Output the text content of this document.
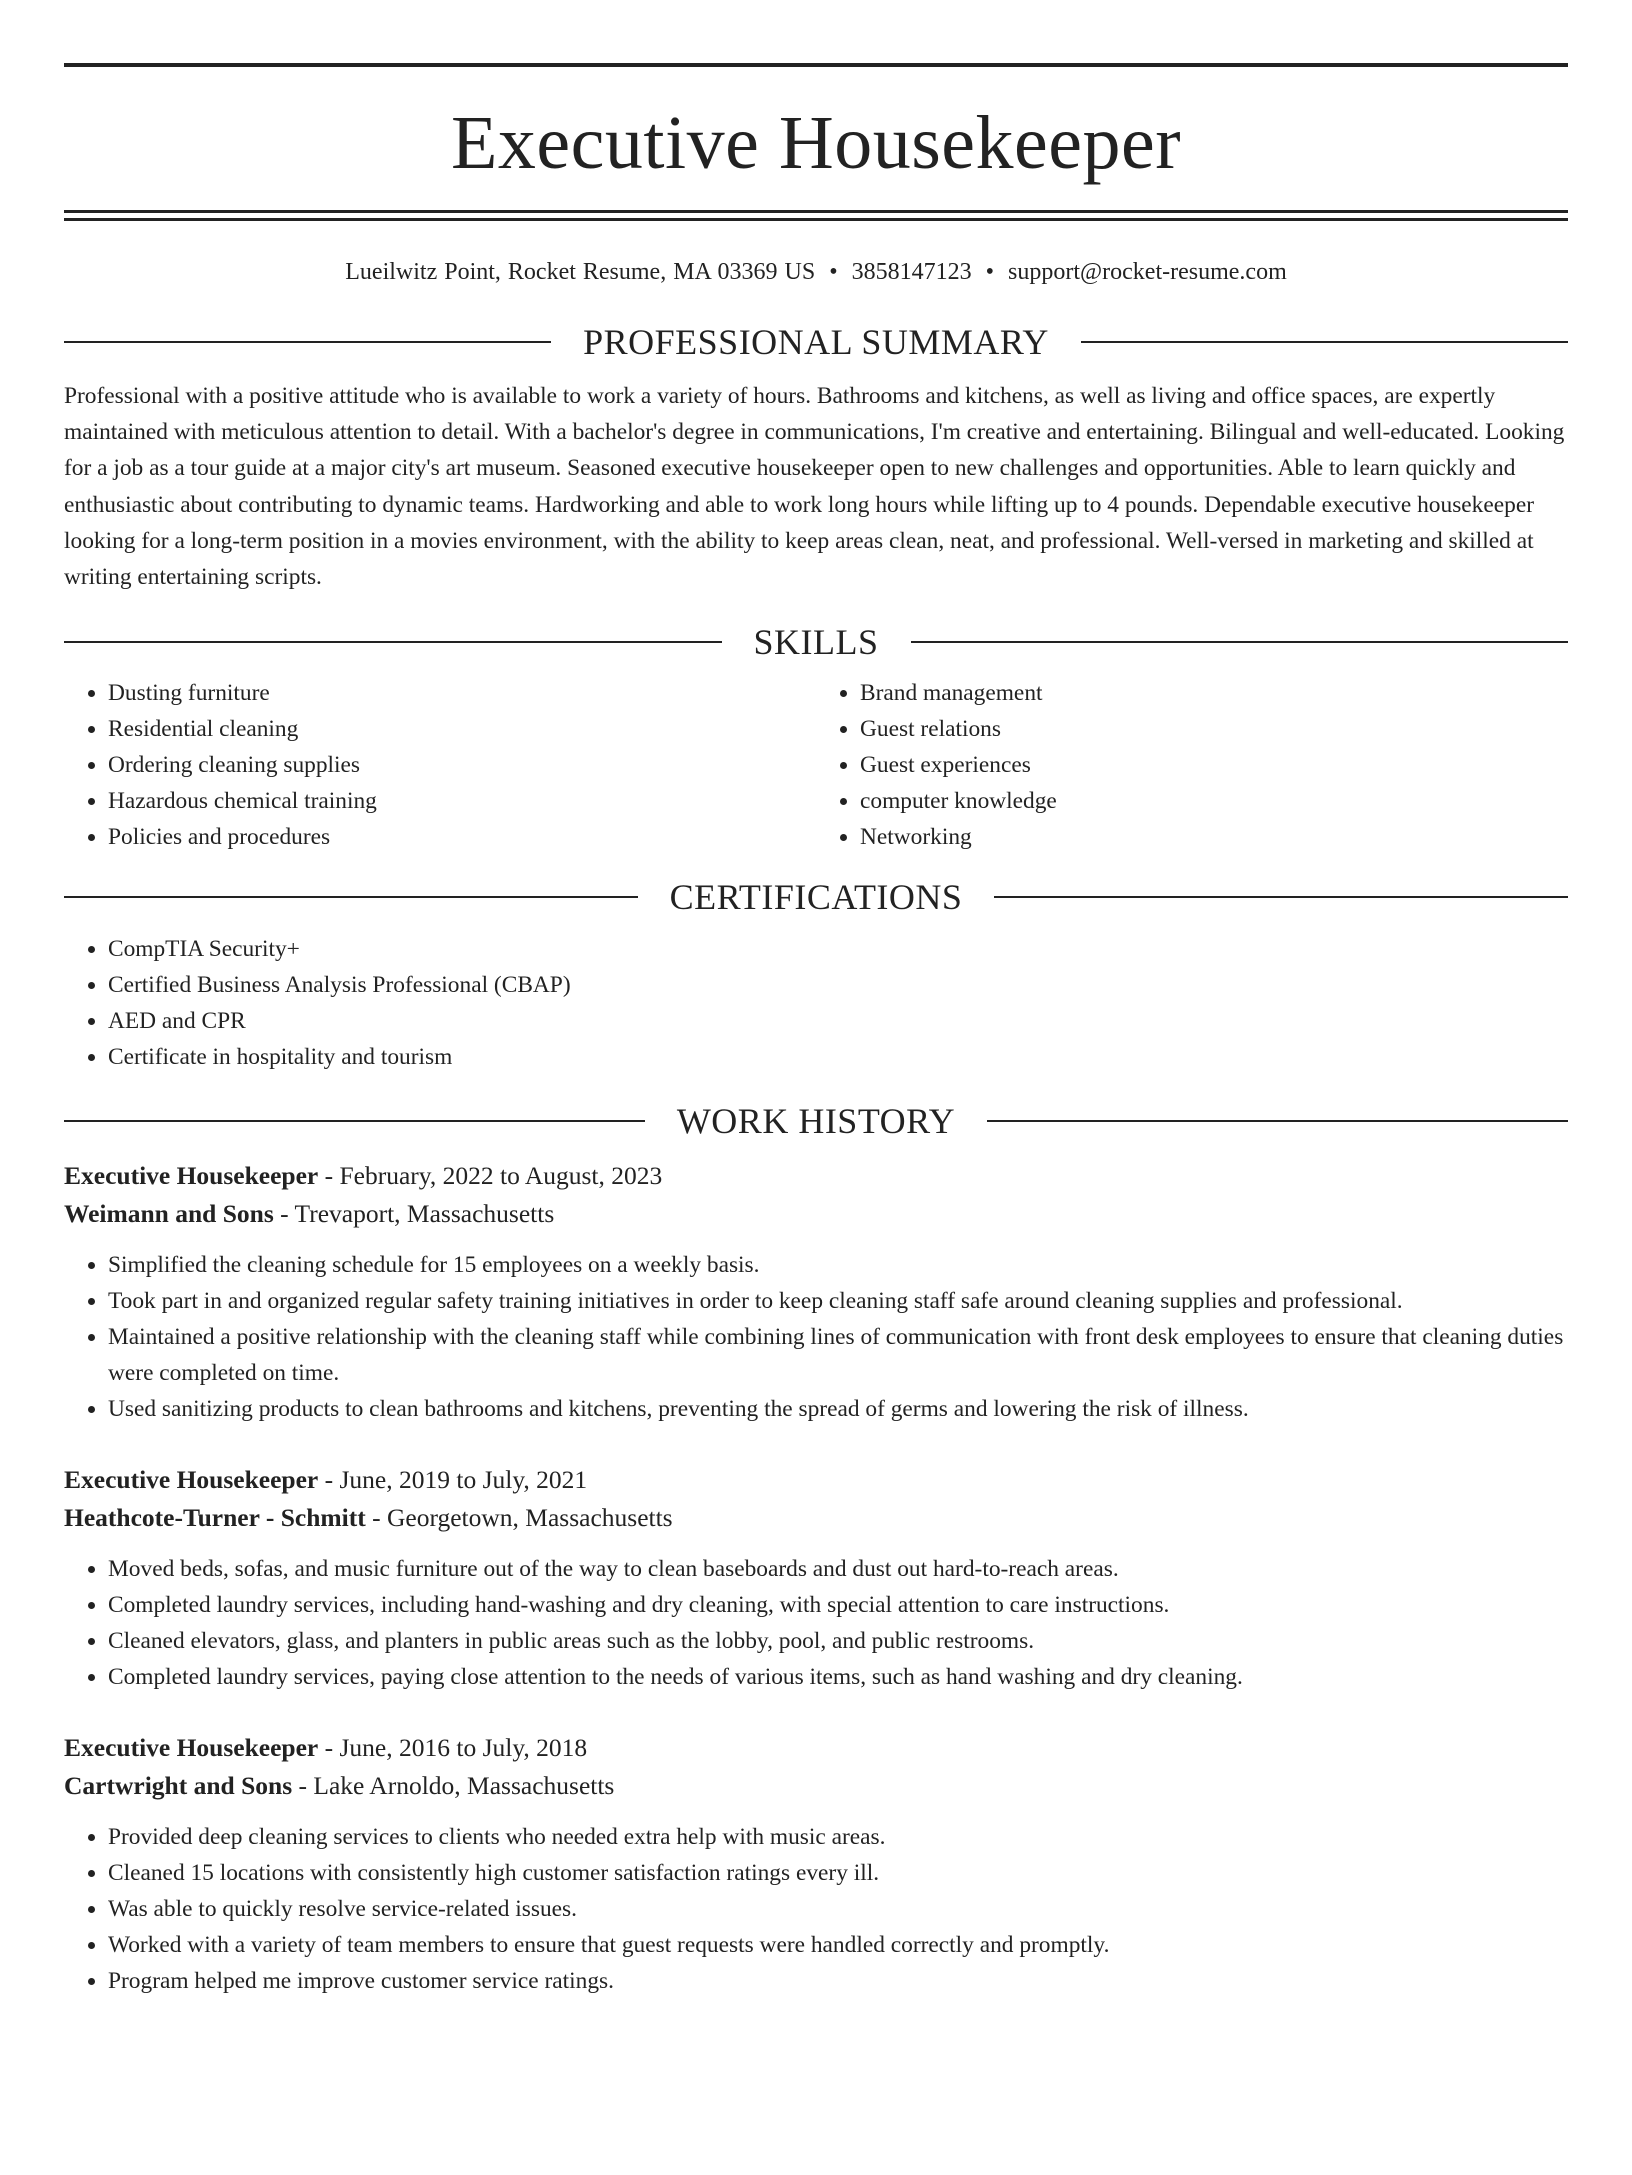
Executive Housekeeper
Lueilwitz Point, Rocket Resume, MA 03369 US • 3858147123 • support@rocket-resume.com
PROFESSIONAL SUMMARY
Professional with a positive attitude who is available to work a variety of hours. Bathrooms and kitchens, as well as living and office spaces, are expertly maintained with meticulous attention to detail. With a bachelor's degree in communications, I'm creative and entertaining. Bilingual and well-educated. Looking for a job as a tour guide at a major city's art museum. Seasoned executive housekeeper open to new challenges and opportunities. Able to learn quickly and enthusiastic about contributing to dynamic teams. Hardworking and able to work long hours while lifting up to 4 pounds. Dependable executive housekeeper looking for a long-term position in a movies environment, with the ability to keep areas clean, neat, and professional. Well-versed in marketing and skilled at writing entertaining scripts.
SKILLS
• Dusting furniture
• Residential cleaning
• Ordering cleaning supplies
• Hazardous chemical training
• Policies and procedures
• Brand management
• Guest relations
• Guest experiences
• computer knowledge
• Networking
CERTIFICATIONS
• CompTIA Security+
• Certified Business Analysis Professional (CBAP)
• AED and CPR
• Certificate in hospitality and tourism
WORK HISTORY
Executive Housekeeper - February, 2022 to August, 2023
Weimann and Sons - Trevaport, Massachusetts
• Simplified the cleaning schedule for 15 employees on a weekly basis.
• Took part in and organized regular safety training initiatives in order to keep cleaning staff safe around cleaning supplies and professional.
• Maintained a positive relationship with the cleaning staff while combining lines of communication with front desk employees to ensure that cleaning duties were completed on time.
• Used sanitizing products to clean bathrooms and kitchens, preventing the spread of germs and lowering the risk of illness.
Executive Housekeeper - June, 2019 to July, 2021
Heathcote-Turner - Schmitt - Georgetown, Massachusetts
• Moved beds, sofas, and music furniture out of the way to clean baseboards and dust out hard-to-reach areas.
• Completed laundry services, including hand-washing and dry cleaning, with special attention to care instructions.
• Cleaned elevators, glass, and planters in public areas such as the lobby, pool, and public restrooms.
• Completed laundry services, paying close attention to the needs of various items, such as hand washing and dry cleaning.
Executive Housekeeper - June, 2016 to July, 2018
Cartwright and Sons - Lake Arnoldo, Massachusetts
• Provided deep cleaning services to clients who needed extra help with music areas.
• Cleaned 15 locations with consistently high customer satisfaction ratings every ill.
• Was able to quickly resolve service-related issues.
• Worked with a variety of team members to ensure that guest requests were handled correctly and promptly.
• Program helped me improve customer service ratings.
